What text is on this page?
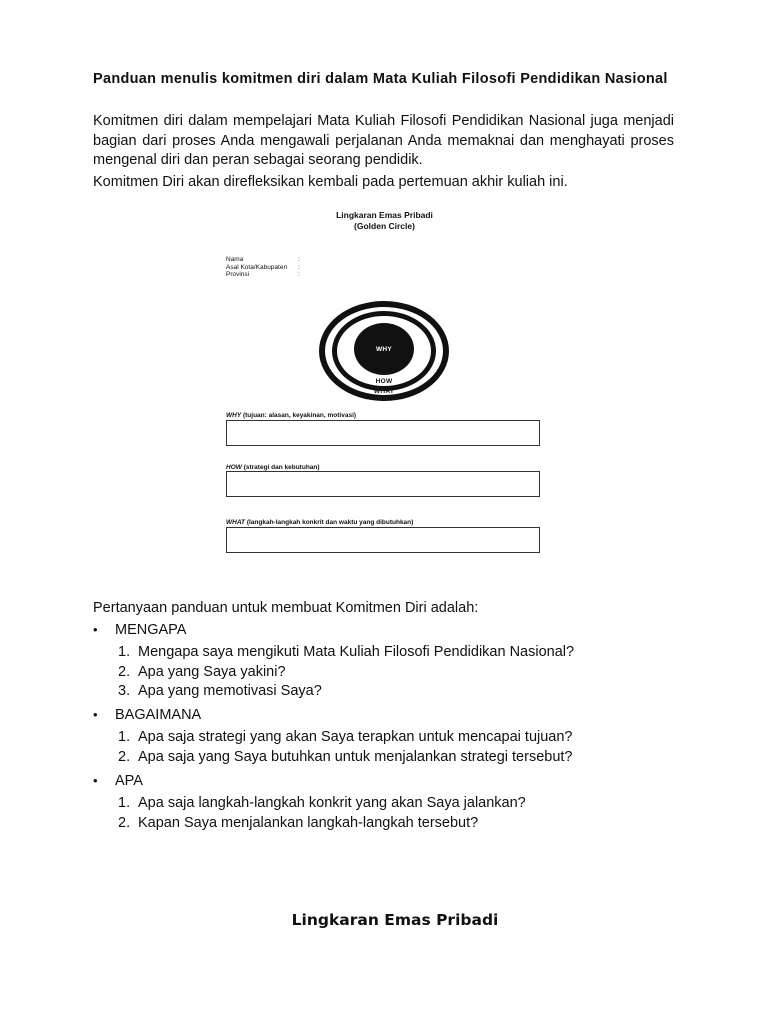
Panduan menulis komitmen diri dalam Mata Kuliah Filosofi Pendidikan Nasional
Komitmen diri dalam mempelajari Mata Kuliah Filosofi Pendidikan Nasional juga menjadi bagian dari proses Anda mengawali perjalanan Anda memaknai dan menghayati proses mengenal diri dan peran sebagai seorang pendidik.
Komitmen Diri akan direfleksikan kembali pada pertemuan akhir kuliah ini.
Lingkaran Emas Pribadi
(Golden Circle)
Nama	:
Asal Kota/Kabupaten	:
Provinsi	:
WHY
HOW
WHAT
WHY (tujuan: alasan, keyakinan, motivasi)
HOW (strategi dan kebutuhan)
WHAT (langkah-langkah konkrit dan waktu yang dibutuhkan)
Pertanyaan panduan untuk membuat Komitmen Diri adalah:
•	MENGAPA
1. Mengapa saya mengikuti Mata Kuliah Filosofi Pendidikan Nasional?
2. Apa yang Saya yakini?
3. Apa yang memotivasi Saya?
•	BAGAIMANA
1. Apa saja strategi yang akan Saya terapkan untuk mencapai tujuan?
2. Apa saja yang Saya butuhkan untuk menjalankan strategi tersebut?
•	APA
1. Apa saja langkah-langkah konkrit yang akan Saya jalankan?
2. Kapan Saya menjalankan langkah-langkah tersebut?
Lingkaran Emas Pribadi
